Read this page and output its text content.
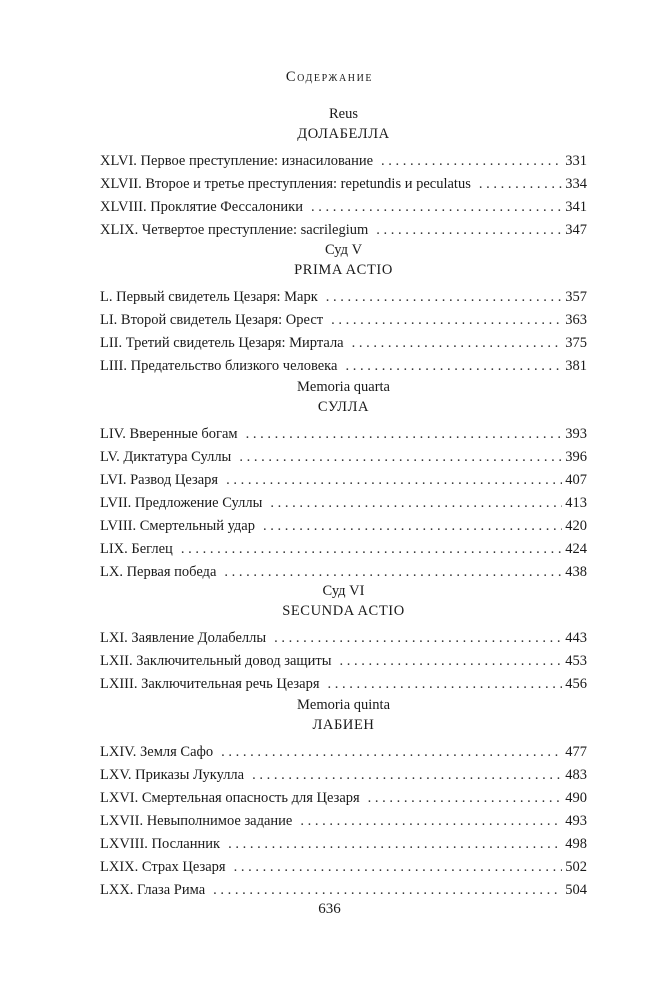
Содержание
Reus
ДОЛАБЕЛЛА
XLVI. Первое преступление: изнасилование . . .	331
XLVII. Второе и третье преступления: repetundis и peculatus . . .	334
XLVIII. Проклятие Фессалоники . . .	341
XLIX. Четвертое преступление: sacrilegium . . .	347
Суд V
PRIMA ACTIO
L. Первый свидетель Цезаря: Марк . . .	357
LI. Второй свидетель Цезаря: Орест . . .	363
LII. Третий свидетель Цезаря: Миртала . . .	375
LIII. Предательство близкого человека . . .	381
Memoria quarta
СУЛЛА
LIV. Вверенные богам . . .	393
LV. Диктатура Суллы . . .	396
LVI. Развод Цезаря . . .	407
LVII. Предложение Суллы . . .	413
LVIII. Смертельный удар . . .	420
LIX. Беглец . . .	424
LX. Первая победа . . .	438
Суд VI
SECUNDA ACTIO
LXI. Заявление Долабеллы . . .	443
LXII. Заключительный довод защиты . . .	453
LXIII. Заключительная речь Цезаря . . .	456
Memoria quinta
ЛАБИЕН
LXIV. Земля Сафо . . .	477
LXV. Приказы Лукулла . . .	483
LXVI. Смертельная опасность для Цезаря . . .	490
LXVII. Невыполнимое задание . . .	493
LXVIII. Посланник . . .	498
LXIX. Страх Цезаря . . .	502
LXX. Глаза Рима . . .	504
636
